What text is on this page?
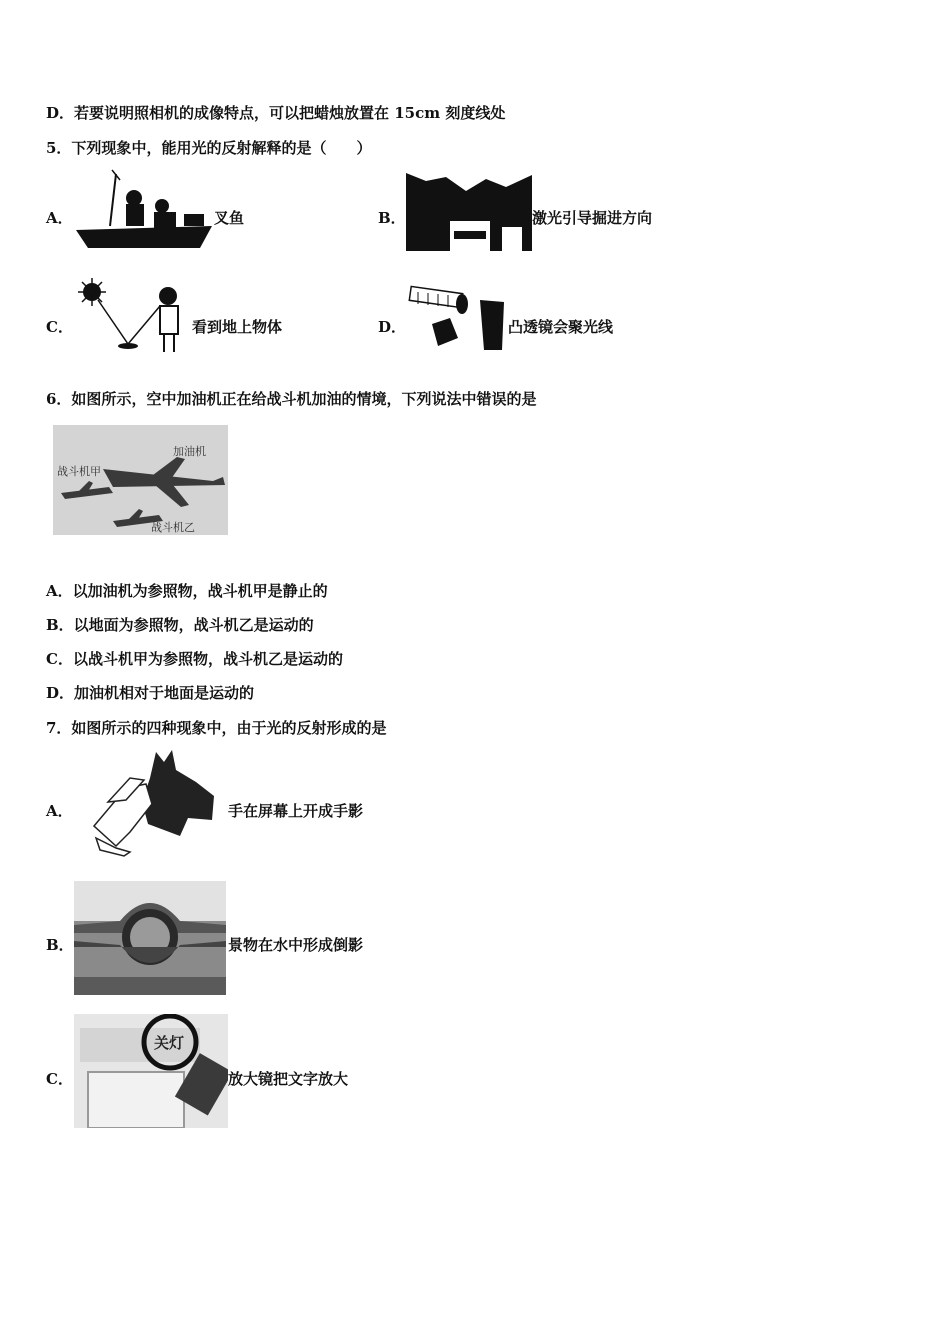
D．若要说明照相机的成像特点，可以把蜡烛放置在 15cm 刻度线处
5．下列现象中，能用光的反射解释的是（　　）
A．	叉鱼	B．	激光引导掘进方向
C．	看到地上物体	D．	凸透镜会聚光线
6．如图所示，空中加油机正在给战斗机加油的情境，下列说法中错误的是
加油机
战斗机甲
战斗机乙
A．以加油机为参照物，战斗机甲是静止的
B．以地面为参照物，战斗机乙是运动的
C．以战斗机甲为参照物，战斗机乙是运动的
D．加油机相对于地面是运动的
7．如图所示的四种现象中，由于光的反射形成的是
A．	手在屏幕上开成手影
B．	景物在水中形成倒影
C．
关灯
放大镜把文字放大
